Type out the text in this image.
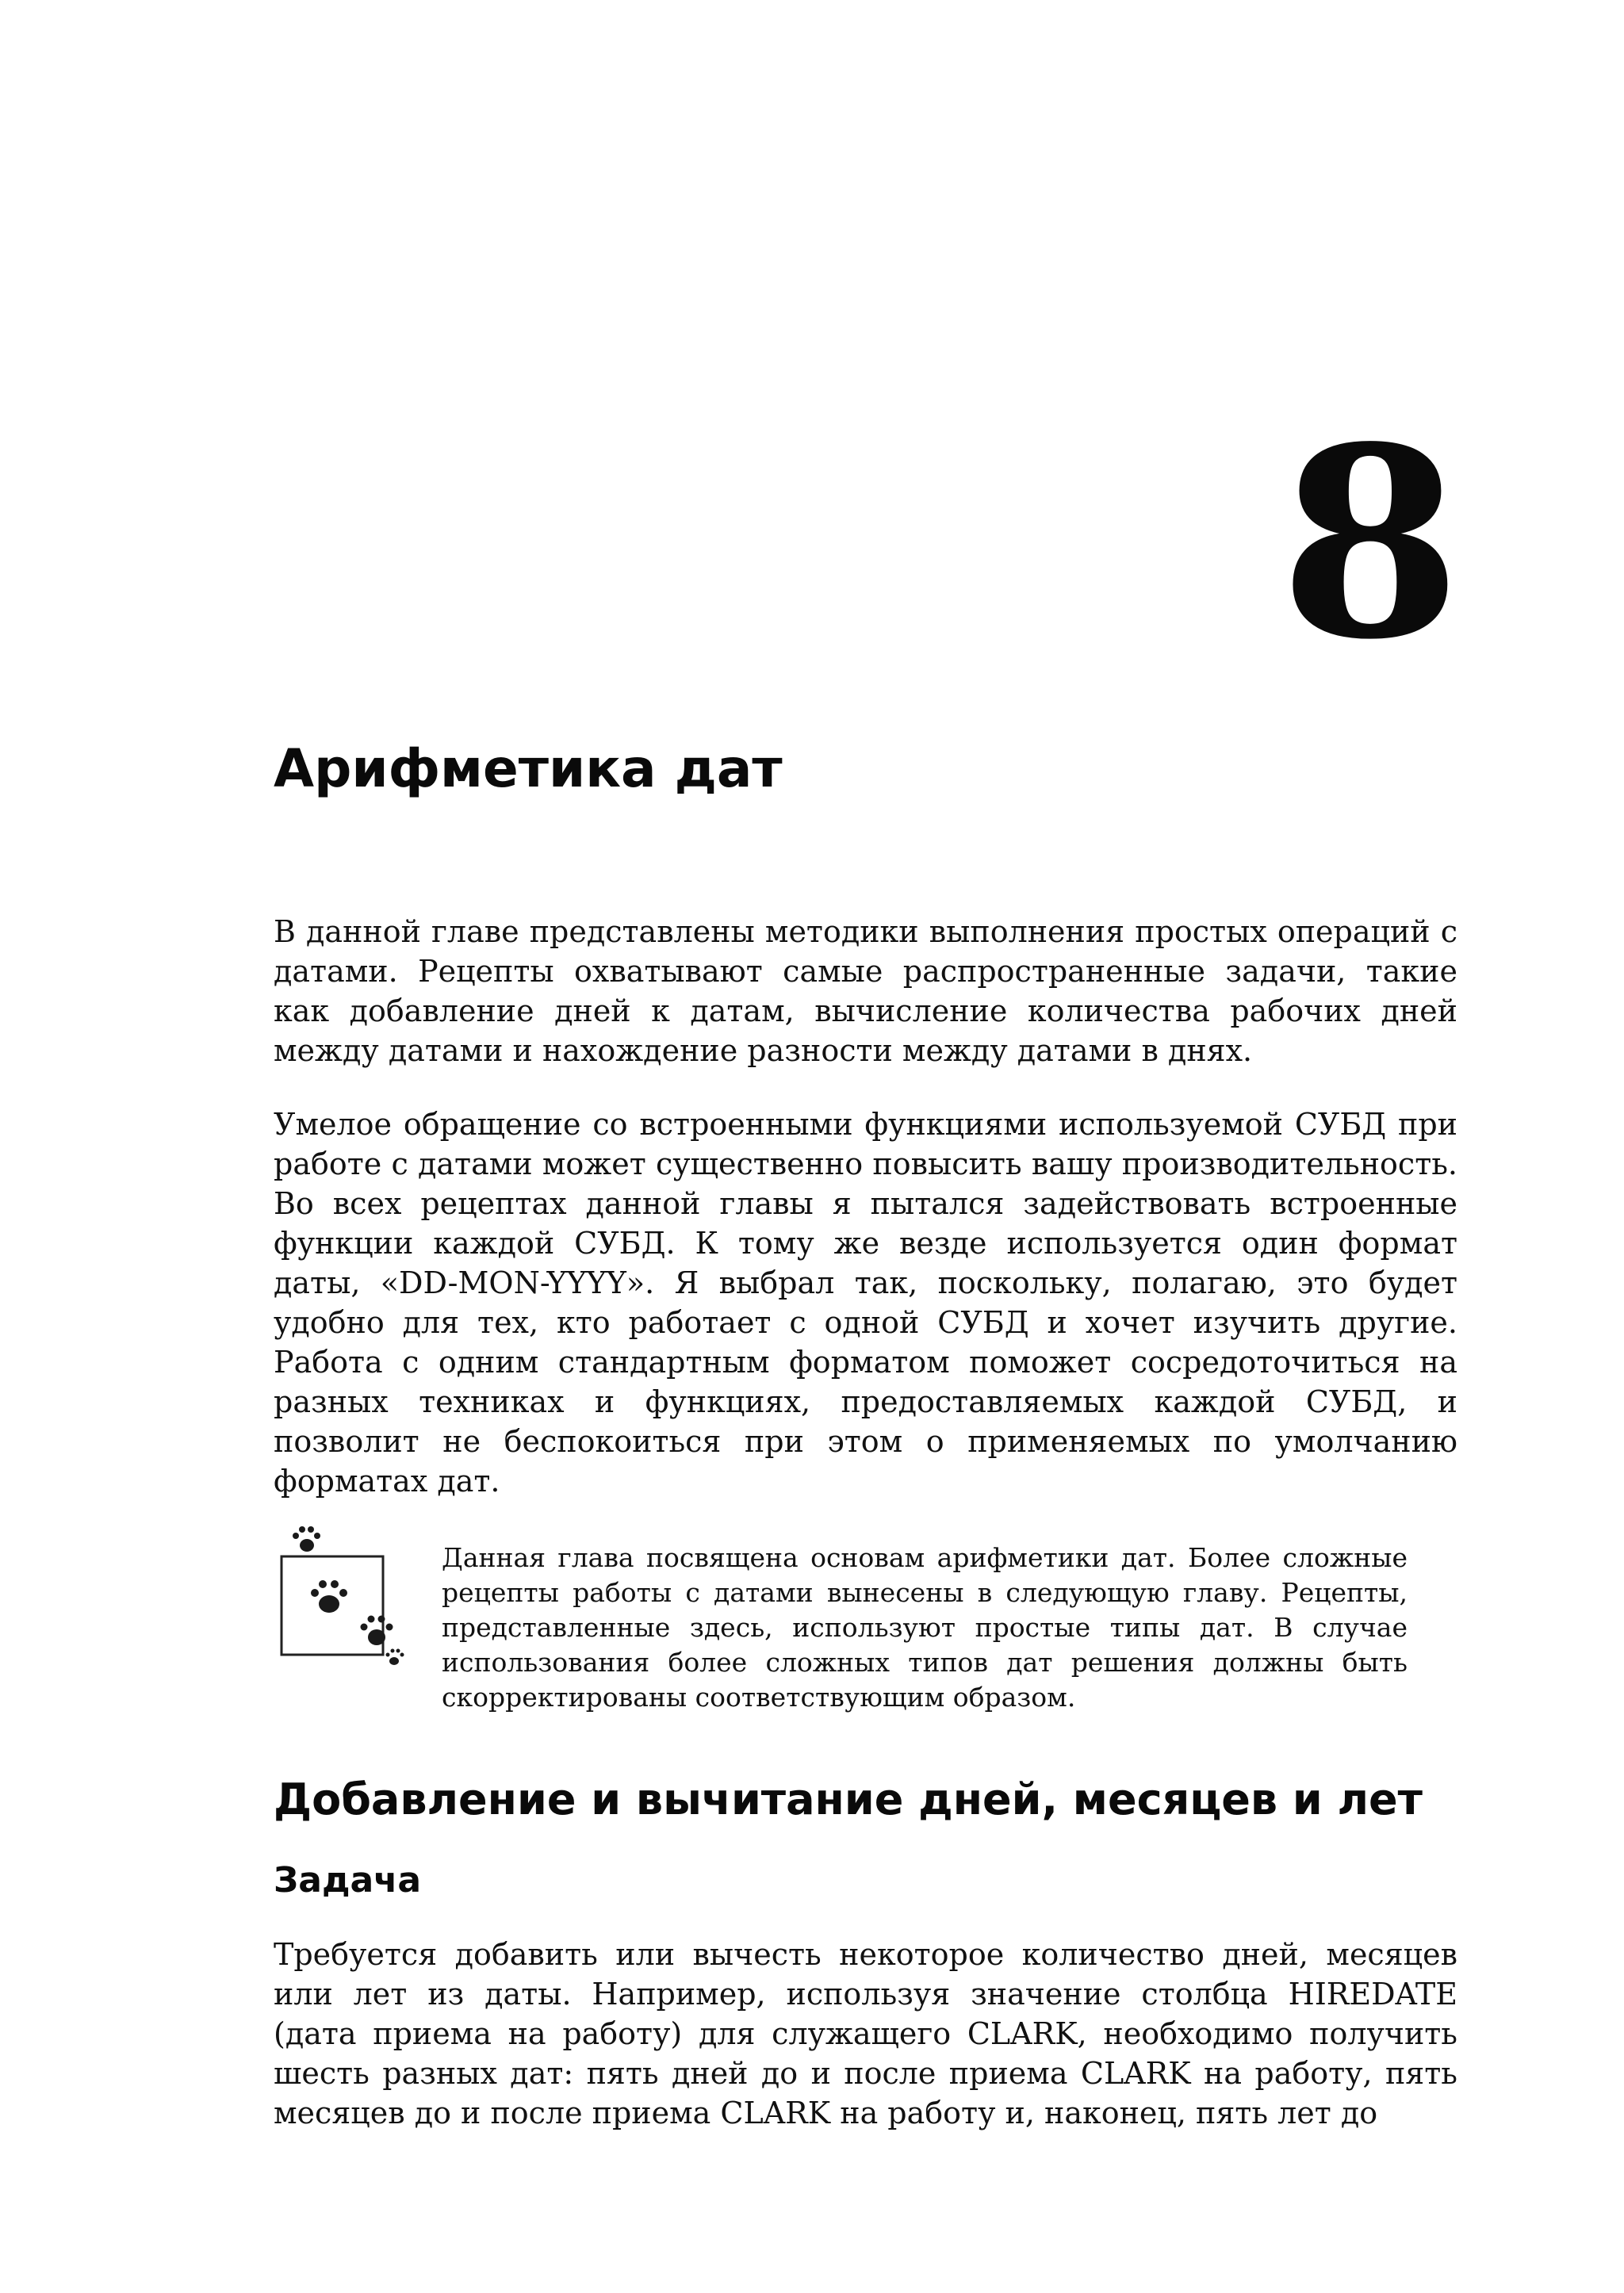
8
Арифметика дат

В данной главе представлены методики выполнения простых операций с датами. Рецепты охватывают самые распространенные задачи, такие как добавление дней к датам, вычисление количества рабочих дней между датами и нахождение разности между датами в днях.

Умелое обращение со встроенными функциями используемой СУБД при работе с датами может существенно повысить вашу производительность. Во всех рецептах данной главы я пытался задействовать встроенные функции каждой СУБД. К тому же везде используется один формат даты, «DD-MON-YYYY». Я выбрал так, поскольку, полагаю, это будет удобно для тех, кто работает с одной СУБД и хочет изучить другие. Работа с одним стандартным форматом поможет сосредоточиться на разных техниках и функциях, предоставляемых каждой СУБД, и позволит не беспокоиться при этом о применяемых по умолчанию форматах дат.

Данная глава посвящена основам арифметики дат. Более сложные рецепты работы с датами вынесены в следующую главу. Рецепты, представленные здесь, используют простые типы дат. В случае использования более сложных типов дат решения должны быть скорректированы соответствующим образом.

Добавление и вычитание дней, месяцев и лет
Задача

Требуется добавить или вычесть некоторое количество дней, месяцев или лет из даты. Например, используя значение столбца HIREDATE (дата приема на работу) для служащего CLARK, необходимо получить шесть разных дат: пять дней до и после приема CLARK на работу, пять месяцев до и после приема CLARK на работу и, наконец, пять лет до
